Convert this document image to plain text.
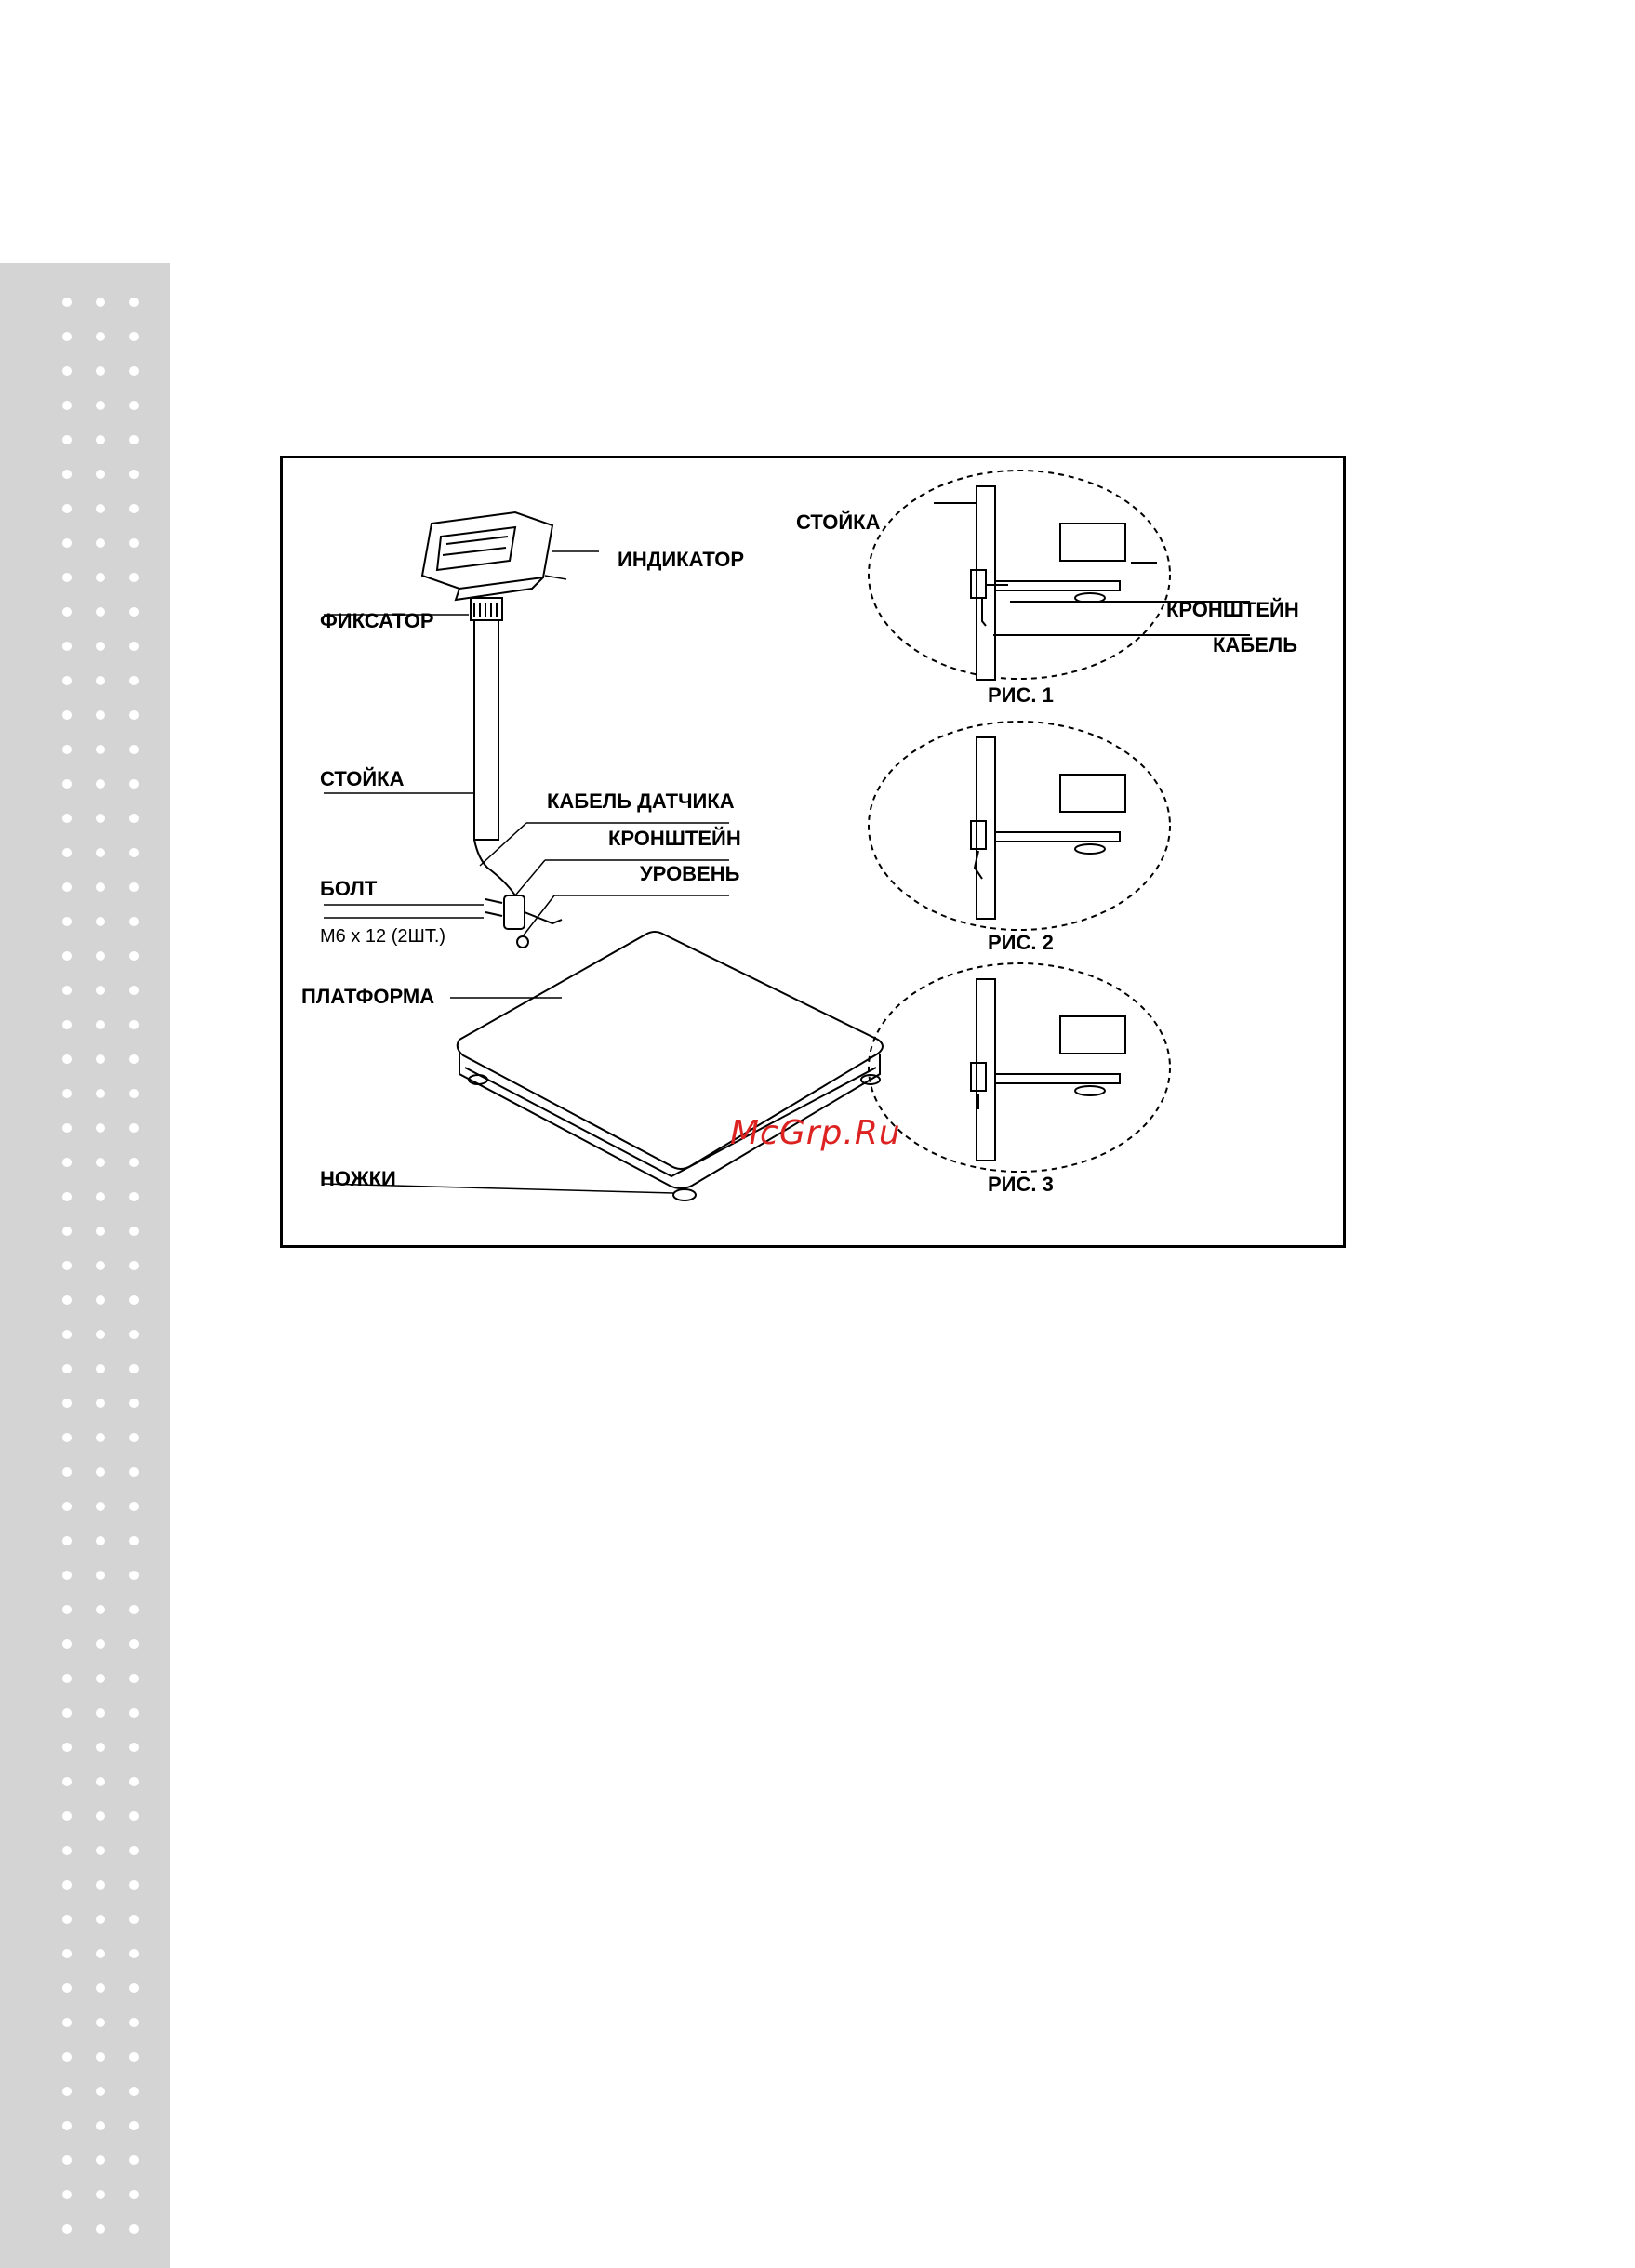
ИНДИКАТОР
ФИКСАТОР
СТОЙКА
КАБЕЛЬ ДАТЧИКА
КРОНШТЕЙН
УРОВЕНЬ
БОЛТ
M6 x 12 (2ШТ.)
ПЛАТФОРМА
НОЖКИ
СТОЙКА
КРОНШТЕЙН
КАБЕЛЬ
РИС. 1
РИС. 2
РИС. 3
McGrp.Ru
